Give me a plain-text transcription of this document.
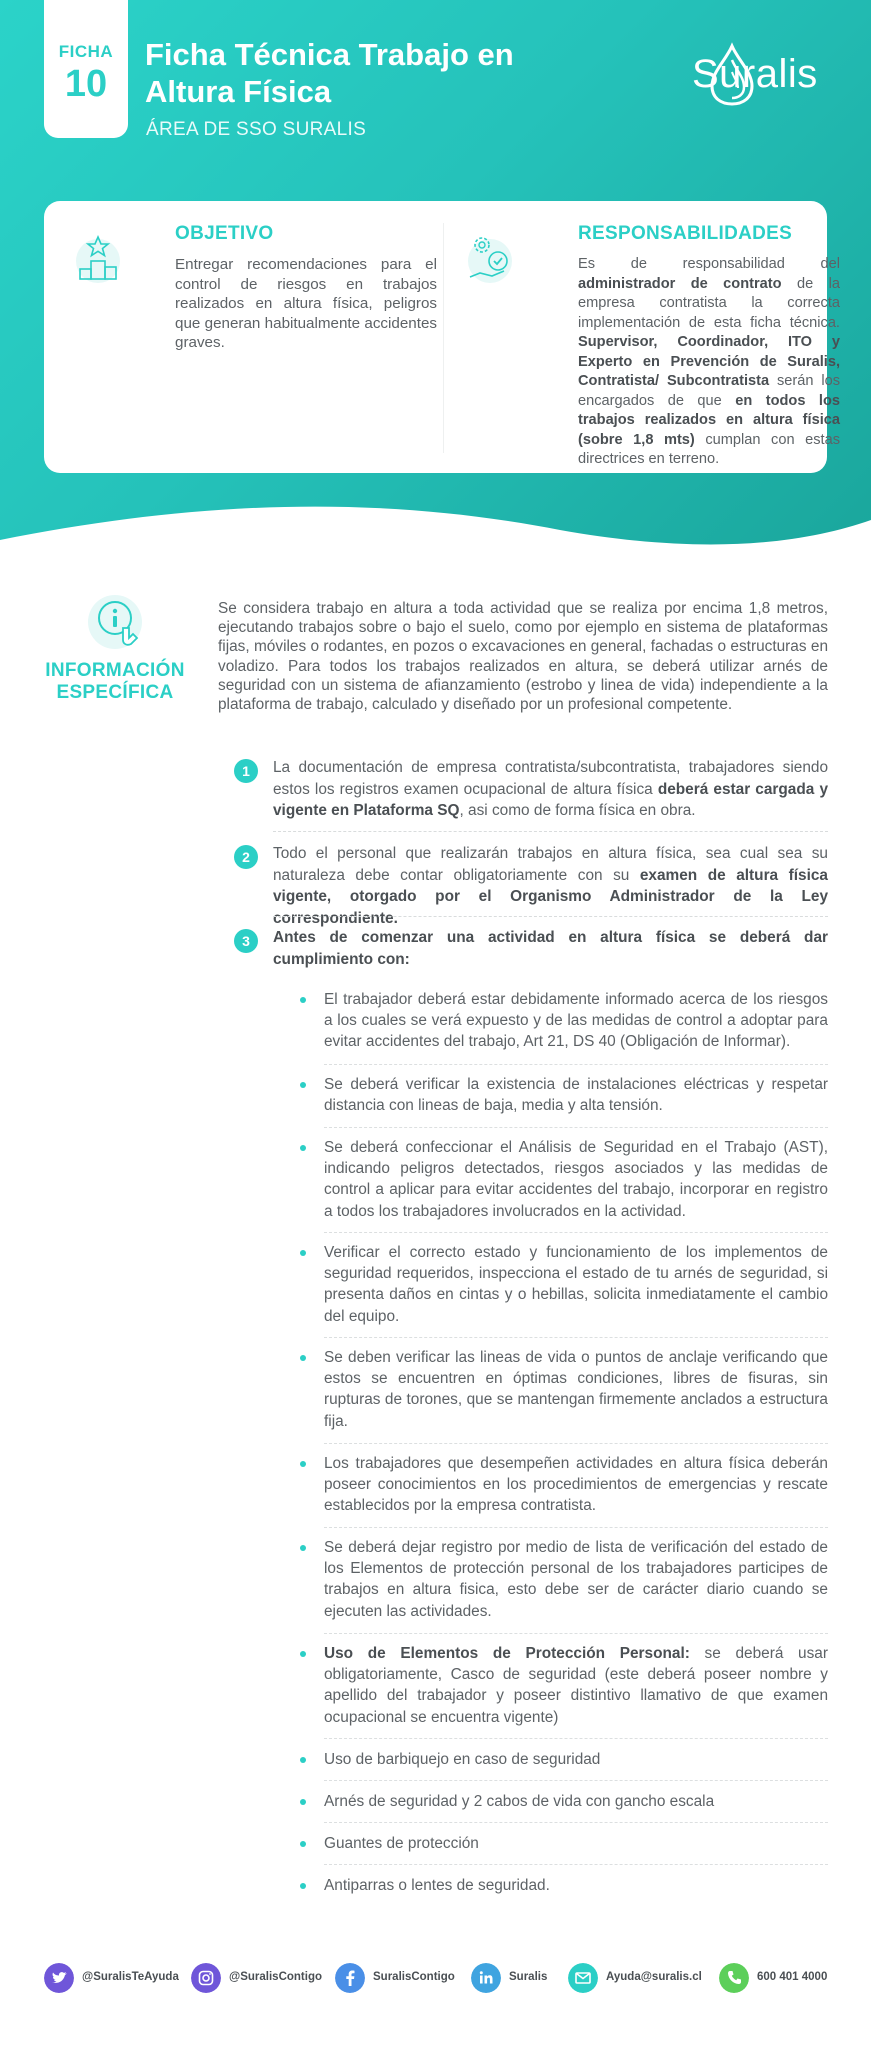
FICHA
10
Ficha Técnica Trabajo en
Altura Física
ÁREA DE SSO SURALIS
Suralis
OBJETIVO
Entregar recomendaciones para el control de riesgos en trabajos realizados en altura física, peligros que generan habitualmente accidentes graves.
RESPONSABILIDADES
Es de responsabilidad del administrador de contrato de la empresa contratista la correcta implementación de esta ficha técnica. Supervisor, Coordinador, ITO y Experto en Prevención de Suralis, Contratista/ Subcontratista serán los encargados de que en todos los trabajos realizados en altura física (sobre 1,8 mts) cumplan con estas directrices en terreno.
INFORMACIÓN
ESPECÍFICA
Se considera trabajo en altura a toda actividad que se realiza por encima 1,8 metros, ejecutando trabajos sobre o bajo el suelo, como por ejemplo en sistema de plataformas fijas, móviles o rodantes, en pozos o excavaciones en general, fachadas o estructuras en voladizo. Para todos los trabajos realizados en altura, se deberá utilizar arnés de seguridad con un sistema de afianzamiento (estrobo y linea de vida) independiente a la plataforma de trabajo, calculado y diseñado por un profesional competente.
1	La documentación de empresa contratista/subcontratista, trabajadores siendo estos los registros examen ocupacional de altura física deberá estar cargada y vigente en Plataforma SQ, asi como de forma física en obra.
2	Todo el personal que realizarán trabajos en altura física, sea cual sea su naturaleza debe contar obligatoriamente con su examen de altura física vigente, otorgado por el Organismo Administrador de la Ley correspondiente.
3	Antes de comenzar una actividad en altura física se deberá dar cumplimiento con:
El trabajador deberá estar debidamente informado acerca de los riesgos a los cuales se verá expuesto y de las medidas de control a adoptar para evitar accidentes del trabajo, Art 21, DS 40 (Obligación de Informar).
Se deberá verificar la existencia de instalaciones eléctricas y respetar distancia con lineas de baja, media y alta tensión.
Se deberá confeccionar el Análisis de Seguridad en el Trabajo (AST), indicando peligros detectados, riesgos asociados y las medidas de control a aplicar para evitar accidentes del trabajo, incorporar en registro a todos los trabajadores involucrados en la actividad.
Verificar el correcto estado y funcionamiento de los implementos de seguridad requeridos, inspecciona el estado de tu arnés de seguridad, si presenta daños en cintas y o hebillas, solicita inmediatamente el cambio del equipo.
Se deben verificar las lineas de vida o puntos de anclaje verificando que estos se encuentren en óptimas condiciones, libres de fisuras, sin rupturas de torones, que se mantengan firmemente anclados a estructura fija.
Los trabajadores que desempeñen actividades en altura física deberán poseer conocimientos en los procedimientos de emergencias y rescate establecidos por la empresa contratista.
Se deberá dejar registro por medio de lista de verificación del estado de los Elementos de protección personal de los trabajadores participes de trabajos en altura fisica, esto debe ser de carácter diario cuando se ejecuten las actividades.
Uso de Elementos de Protección Personal: se deberá usar obligatoriamente, Casco de seguridad (este deberá poseer nombre y apellido del trabajador y poseer distintivo llamativo de que examen ocupacional se encuentra vigente)
Uso de barbiquejo en caso de seguridad
Arnés de seguridad y 2 cabos de vida con gancho escala
Guantes de protección
Antiparras o lentes de seguridad.
@SuralisTeAyuda	@SuralisContigo	SuralisContigo	Suralis	Ayuda@suralis.cl	600 401 4000
